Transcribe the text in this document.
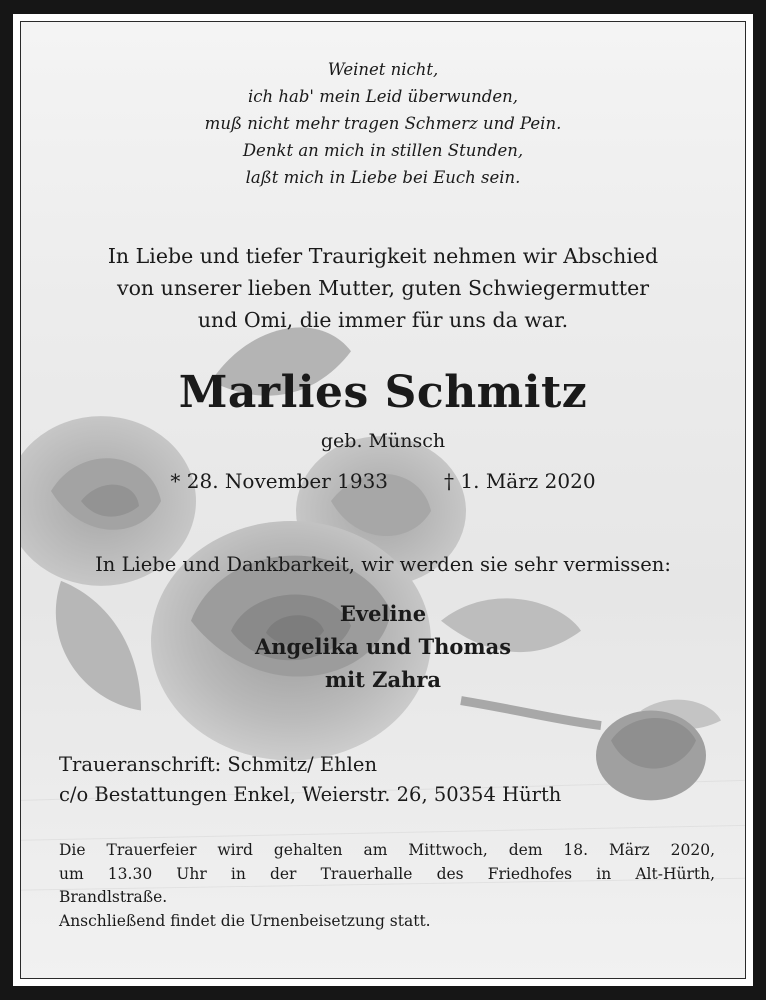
Weinet nicht,
ich hab' mein Leid überwunden,
muß nicht mehr tragen Schmerz und Pein.
Denkt an mich in stillen Stunden,
laßt mich in Liebe bei Euch sein.
In Liebe und tiefer Traurigkeit nehmen wir Abschied
von unserer lieben Mutter, guten Schwiegermutter
und Omi, die immer für uns da war.
Marlies Schmitz
geb. Münsch
* 28. November 1933	† 1. März 2020
In Liebe und Dankbarkeit, wir werden sie sehr vermissen:
Eveline
Angelika und Thomas
mit Zahra
Traueranschrift: Schmitz/ Ehlen
c/o Bestattungen Enkel, Weierstr. 26, 50354 Hürth
Die Trauerfeier wird gehalten am Mittwoch, dem 18. März 2020,
um 13.30 Uhr in der Trauerhalle des Friedhofes in Alt-Hürth,
Brandlstraße.
Anschließend findet die Urnenbeisetzung statt.
